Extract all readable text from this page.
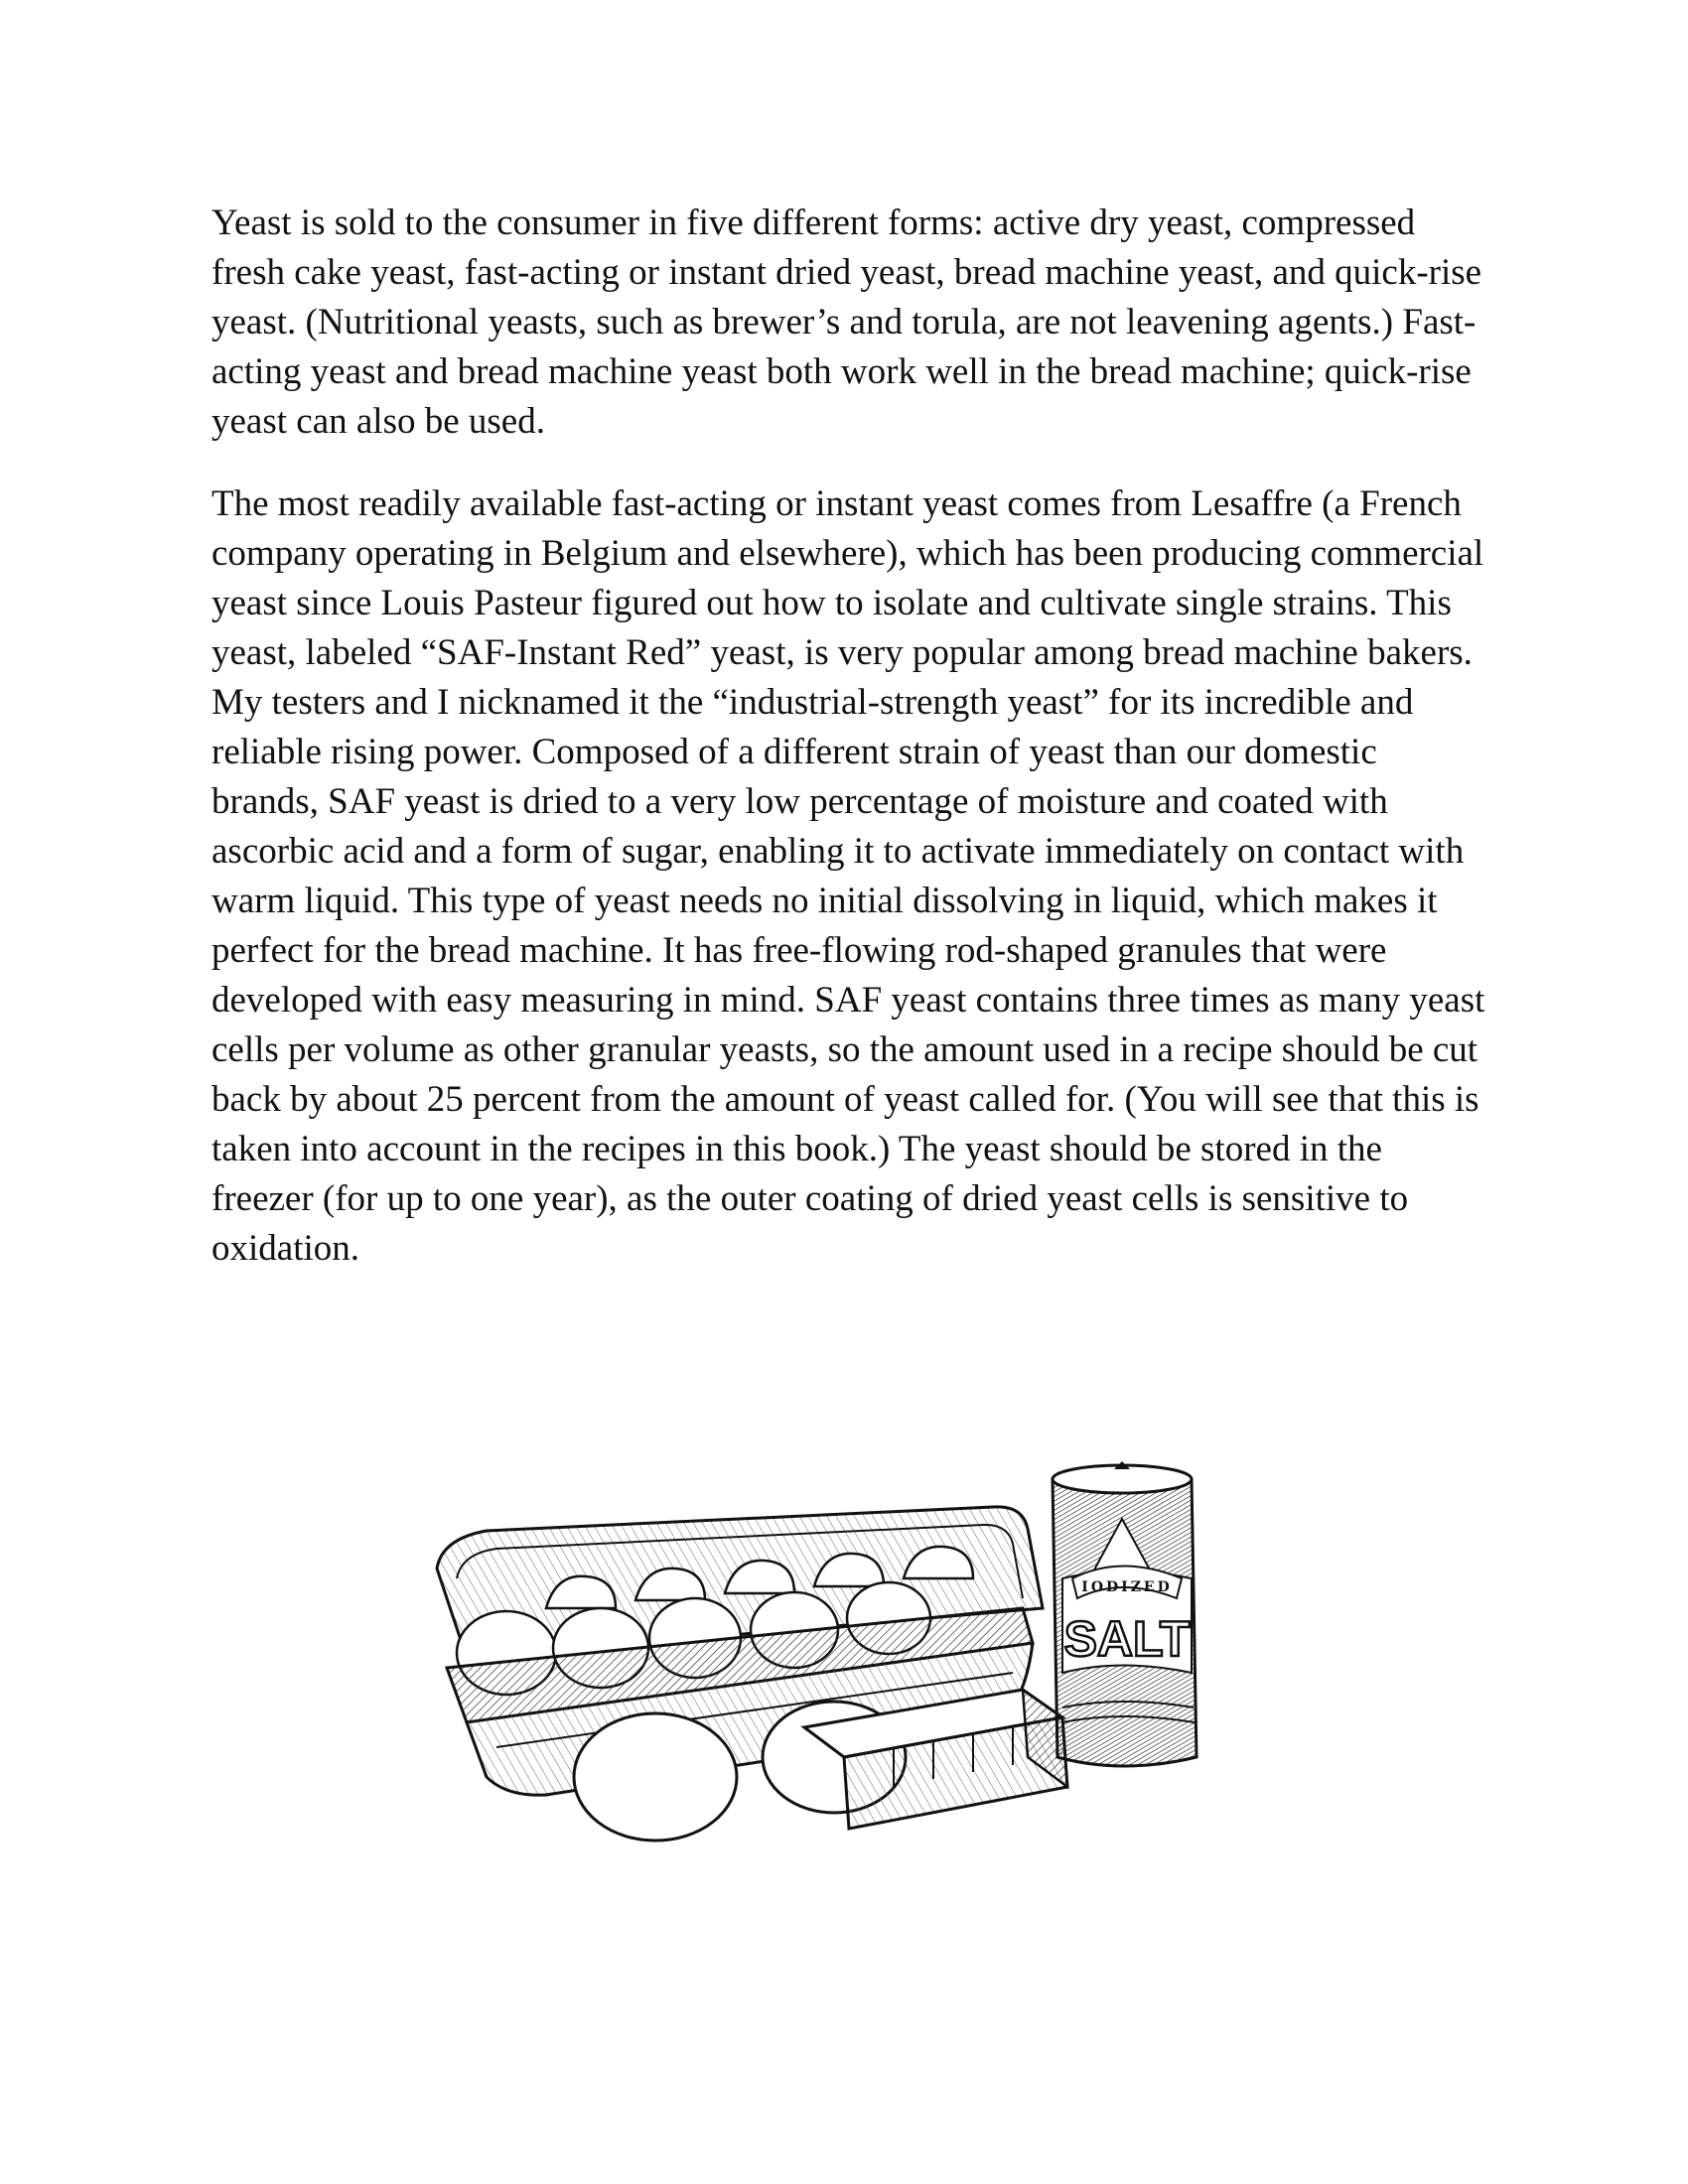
Yeast is sold to the consumer in five different forms: active dry yeast, compressed fresh cake yeast, fast-acting or instant dried yeast, bread machine yeast, and quick-rise yeast. (Nutritional yeasts, such as brewer’s and torula, are not leavening agents.) Fast-acting yeast and bread machine yeast both work well in the bread machine; quick-rise yeast can also be used.

The most readily available fast-acting or instant yeast comes from Lesaffre (a French company operating in Belgium and elsewhere), which has been producing commercial yeast since Louis Pasteur figured out how to isolate and cultivate single strains. This yeast, labeled “SAF-Instant Red” yeast, is very popular among bread machine bakers. My testers and I nicknamed it the “industrial-strength yeast” for its incredible and reliable rising power. Composed of a different strain of yeast than our domestic brands, SAF yeast is dried to a very low percentage of moisture and coated with ascorbic acid and a form of sugar, enabling it to activate immediately on contact with warm liquid. This type of yeast needs no initial dissolving in liquid, which makes it perfect for the bread machine. It has free-flowing rod-shaped granules that were developed with easy measuring in mind. SAF yeast contains three times as many yeast cells per volume as other granular yeasts, so the amount used in a recipe should be cut back by about 25 percent from the amount of yeast called for. (You will see that this is taken into account in the recipes in this book.) The yeast should be stored in the freezer (for up to one year), as the outer coating of dried yeast cells is sensitive to oxidation.

IODIZED
SALT
